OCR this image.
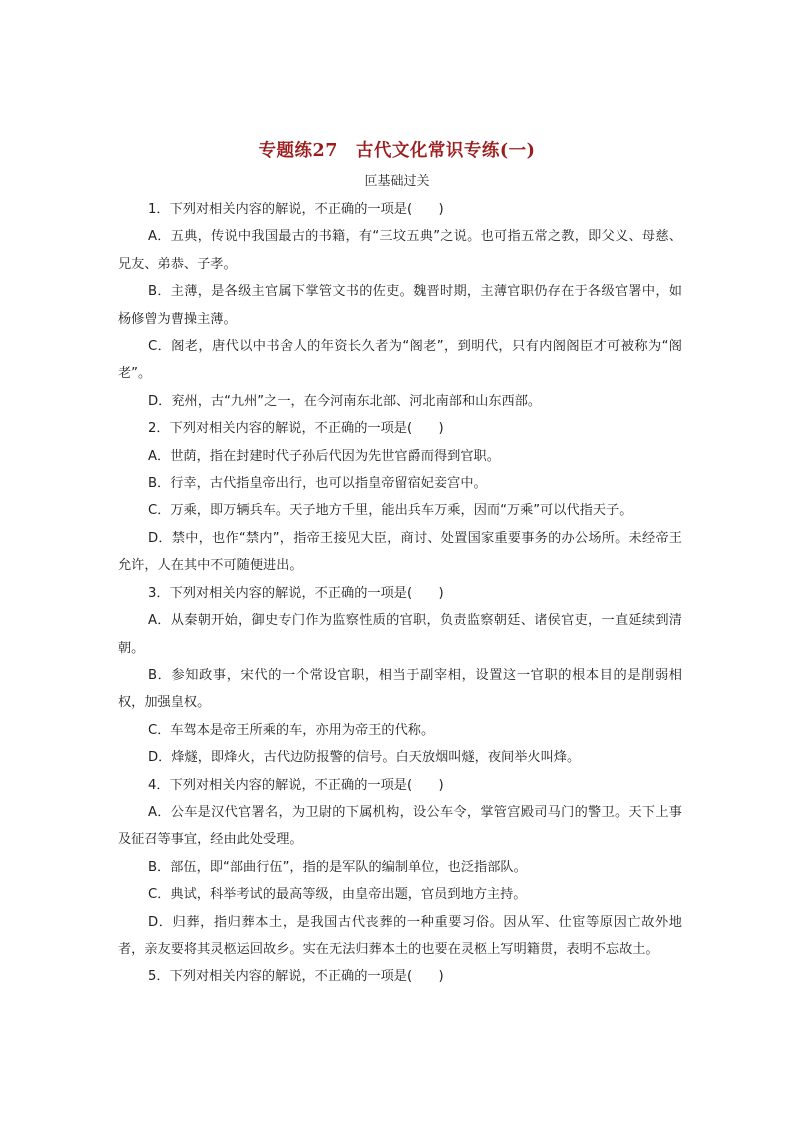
专题练27　古代文化常识专练(一)
叵基础过关

1．下列对相关内容的解说，不正确的一项是(　　)

A．五典，传说中我国最古的书籍，有“三坟五典”之说。也可指五常之教，即父义、母慈、兄友、弟恭、子孝。

B．主薄，是各级主官属下掌管文书的佐吏。魏晋时期，主薄官职仍存在于各级官署中，如杨修曾为曹操主薄。

C．阁老，唐代以中书舍人的年资长久者为“阁老”，到明代，只有内阁阁臣才可被称为“阁老”。

D．兖州，古“九州”之一，在今河南东北部、河北南部和山东西部。

2．下列对相关内容的解说，不正确的一项是(　　)

A．世荫，指在封建时代子孙后代因为先世官爵而得到官职。

B．行幸，古代指皇帝出行，也可以指皇帝留宿妃妾宫中。

C．万乘，即万辆兵车。天子地方千里，能出兵车万乘，因而“万乘”可以代指天子。

D．禁中，也作“禁内”，指帝王接见大臣，商讨、处置国家重要事务的办公场所。未经帝王允许，人在其中不可随便进出。

3．下列对相关内容的解说，不正确的一项是(　　)

A．从秦朝开始，御史专门作为监察性质的官职，负责监察朝廷、诸侯官吏，一直延续到清朝。

B．参知政事，宋代的一个常设官职，相当于副宰相，设置这一官职的根本目的是削弱相权，加强皇权。

C．车驾本是帝王所乘的车，亦用为帝王的代称。

D．烽燧，即烽火，古代边防报警的信号。白天放烟叫燧，夜间举火叫烽。

4．下列对相关内容的解说，不正确的一项是(　　)

A．公车是汉代官署名，为卫尉的下属机构，设公车令，掌管宫殿司马门的警卫。天下上事及征召等事宜，经由此处受理。

B．部伍，即“部曲行伍”，指的是军队的编制单位，也泛指部队。

C．典试，科举考试的最高等级，由皇帝出题，官员到地方主持。

D．归葬，指归葬本土，是我国古代丧葬的一种重要习俗。因从军、仕宦等原因亡故外地者，亲友要将其灵柩运回故乡。实在无法归葬本土的也要在灵柩上写明籍贯，表明不忘故土。

5．下列对相关内容的解说，不正确的一项是(　　)
